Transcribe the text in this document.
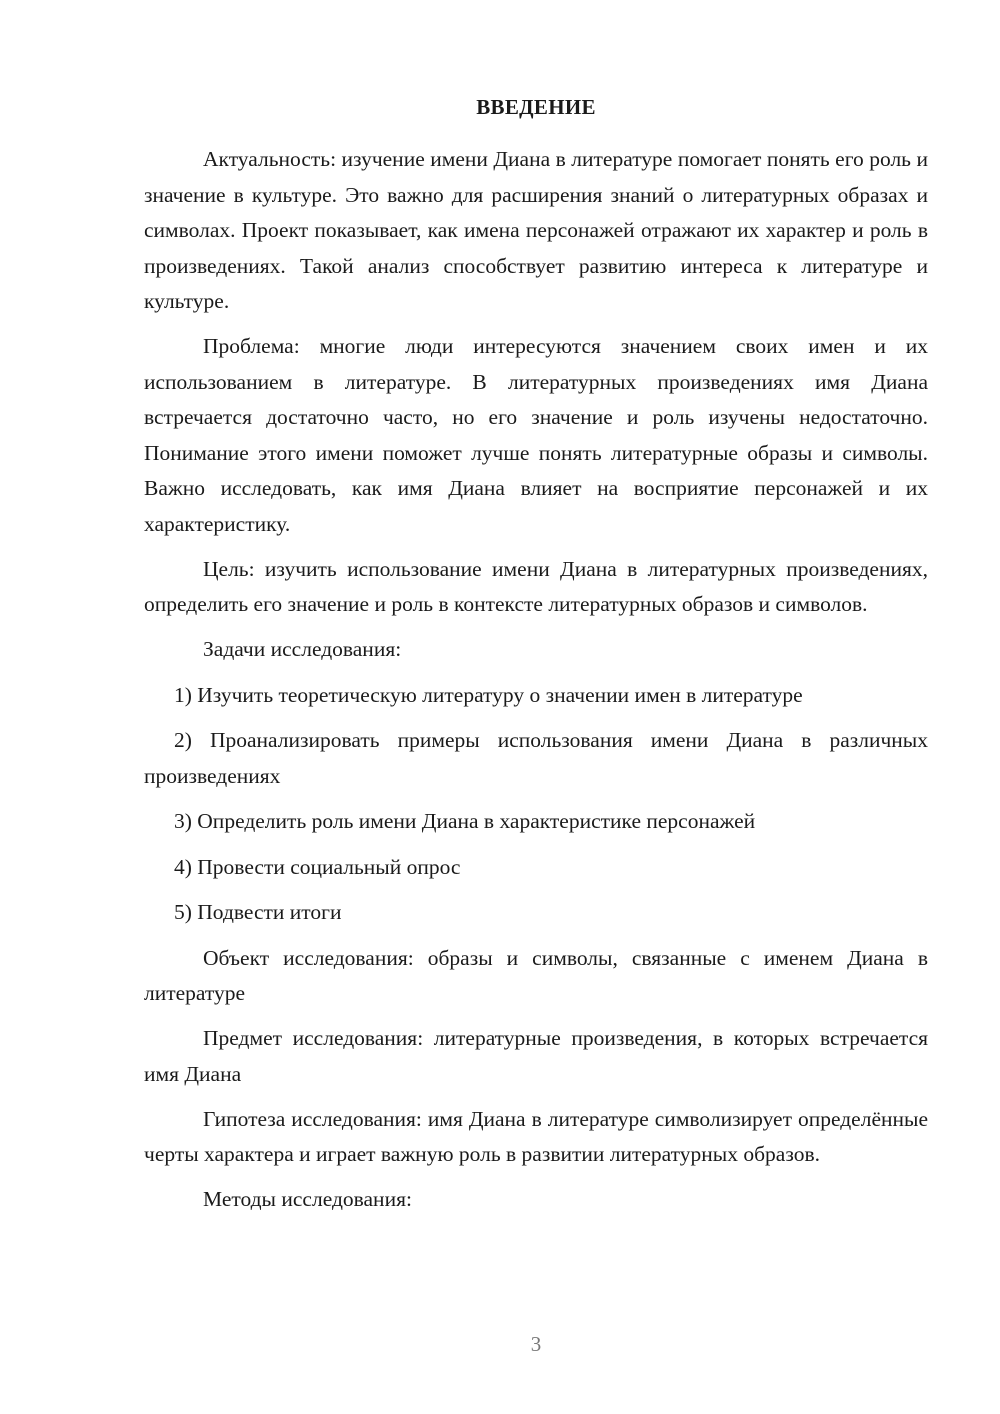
ВВЕДЕНИЕ

Актуальность: изучение имени Диана в литературе помогает понять его роль и значение в культуре. Это важно для расширения знаний о литературных образах и символах. Проект показывает, как имена персонажей отражают их характер и роль в произведениях. Такой анализ способствует развитию интереса к литературе и культуре.

Проблема: многие люди интересуются значением своих имен и их использованием в литературе. В литературных произведениях имя Диана встречается достаточно часто, но его значение и роль изучены недостаточно. Понимание этого имени поможет лучше понять литературные образы и символы. Важно исследовать, как имя Диана влияет на восприятие персонажей и их характеристику.

Цель: изучить использование имени Диана в литературных произведениях, определить его значение и роль в контексте литературных образов и символов.

Задачи исследования:

1) Изучить теоретическую литературу о значении имен в литературе

2) Проанализировать примеры использования имени Диана в различных произведениях

3) Определить роль имени Диана в характеристике персонажей

4) Провести социальный опрос

5) Подвести итоги

Объект исследования: образы и символы, связанные с именем Диана в литературе

Предмет исследования: литературные произведения, в которых встречается имя Диана

Гипотеза исследования: имя Диана в литературе символизирует определённые черты характера и играет важную роль в развитии литературных образов.

Методы исследования:

3
